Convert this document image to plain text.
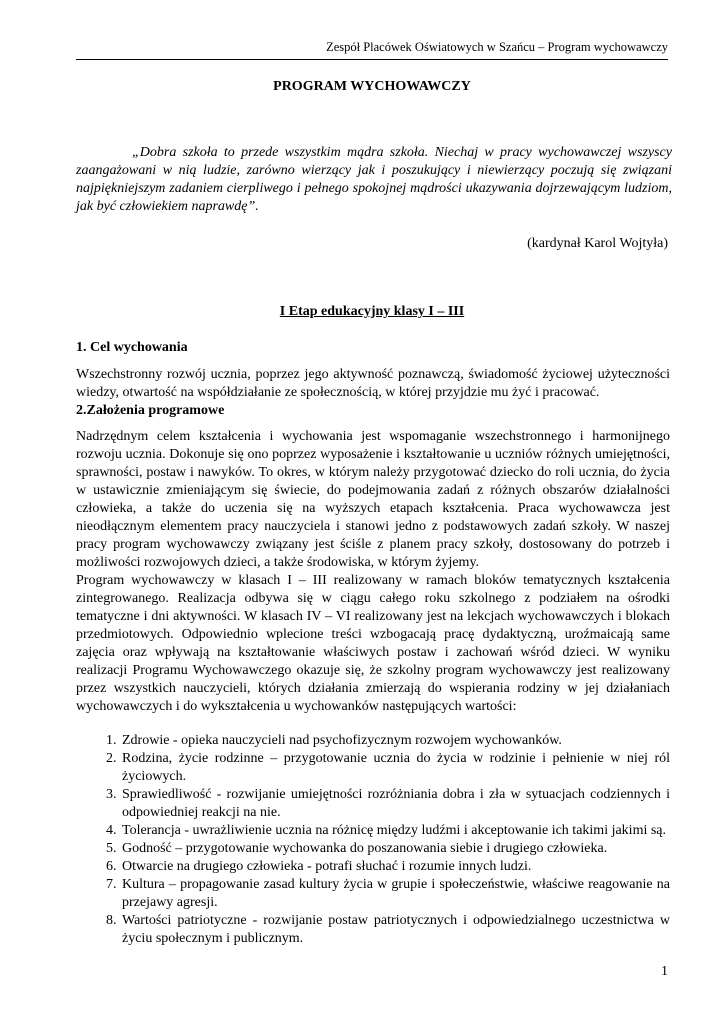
Zespół Placówek Oświatowych w Szańcu – Program wychowawczy
PROGRAM WYCHOWAWCZY
„Dobra szkoła to przede wszystkim mądra szkoła. Niechaj w pracy wychowawczej wszyscy zaangażowani w nią ludzie, zarówno wierzący jak i poszukujący i niewierzący poczują się związani najpiękniejszym zadaniem cierpliwego i pełnego spokojnej mądrości ukazywania dojrzewającym ludziom, jak być człowiekiem naprawdę”.
(kardynał Karol Wojtyła)
I Etap edukacyjny klasy I – III

1. Cel wychowania

Wszechstronny rozwój ucznia, poprzez jego aktywność poznawczą, świadomość życiowej użyteczności wiedzy, otwartość na współdziałanie ze społecznością, w której przyjdzie mu żyć i pracować.

2.Założenia programowe

Nadrzędnym celem kształcenia i wychowania jest wspomaganie wszechstronnego i harmonijnego rozwoju ucznia. Dokonuje się ono poprzez wyposażenie i kształtowanie u uczniów różnych umiejętności, sprawności, postaw i nawyków. To okres, w którym należy przygotować dziecko do roli ucznia, do życia w ustawicznie zmieniającym się świecie, do podejmowania zadań z różnych obszarów działalności człowieka, a także do uczenia się na wyższych etapach kształcenia. Praca wychowawcza jest nieodłącznym elementem pracy nauczyciela i stanowi jedno z podstawowych zadań szkoły. W naszej pracy program wychowawczy związany jest ściśle z planem pracy szkoły, dostosowany do potrzeb i możliwości rozwojowych dzieci, a także środowiska, w którym żyjemy.

Program wychowawczy w klasach I – III realizowany w ramach bloków tematycznych kształcenia zintegrowanego. Realizacja odbywa się w ciągu całego roku szkolnego z podziałem na ośrodki tematyczne i dni aktywności. W klasach IV – VI realizowany jest na lekcjach wychowawczych i blokach przedmiotowych. Odpowiednio wplecione treści wzbogacają pracę dydaktyczną, uroźmaicają same zajęcia oraz wpływają na kształtowanie właściwych postaw i zachowań wśród dzieci. W wyniku realizacji Programu Wychowawczego okazuje się, że szkolny program wychowawczy jest realizowany przez wszystkich nauczycieli, których działania zmierzają do wspierania rodziny w jej działaniach wychowawczych i do wykształcenia u wychowanków następujących wartości:

1. Zdrowie - opieka nauczycieli nad psychofizycznym rozwojem wychowanków.
2. Rodzina, życie rodzinne – przygotowanie ucznia do życia w rodzinie i pełnienie w niej ról życiowych.
3. Sprawiedliwość - rozwijanie umiejętności rozróżniania dobra i zła w sytuacjach codziennych i odpowiedniej reakcji na nie.
4. Tolerancja - uwrażliwienie ucznia na różnicę między ludźmi i akceptowanie ich takimi jakimi są.
5. Godność – przygotowanie wychowanka do poszanowania siebie i drugiego człowieka.
6. Otwarcie na drugiego człowieka - potrafi słuchać i rozumie innych ludzi.
7. Kultura – propagowanie zasad kultury życia w grupie i społeczeństwie, właściwe reagowanie na przejawy agresji.
8. Wartości patriotyczne - rozwijanie postaw patriotycznych i odpowiedzialnego uczestnictwa w życiu społecznym i publicznym.
1
